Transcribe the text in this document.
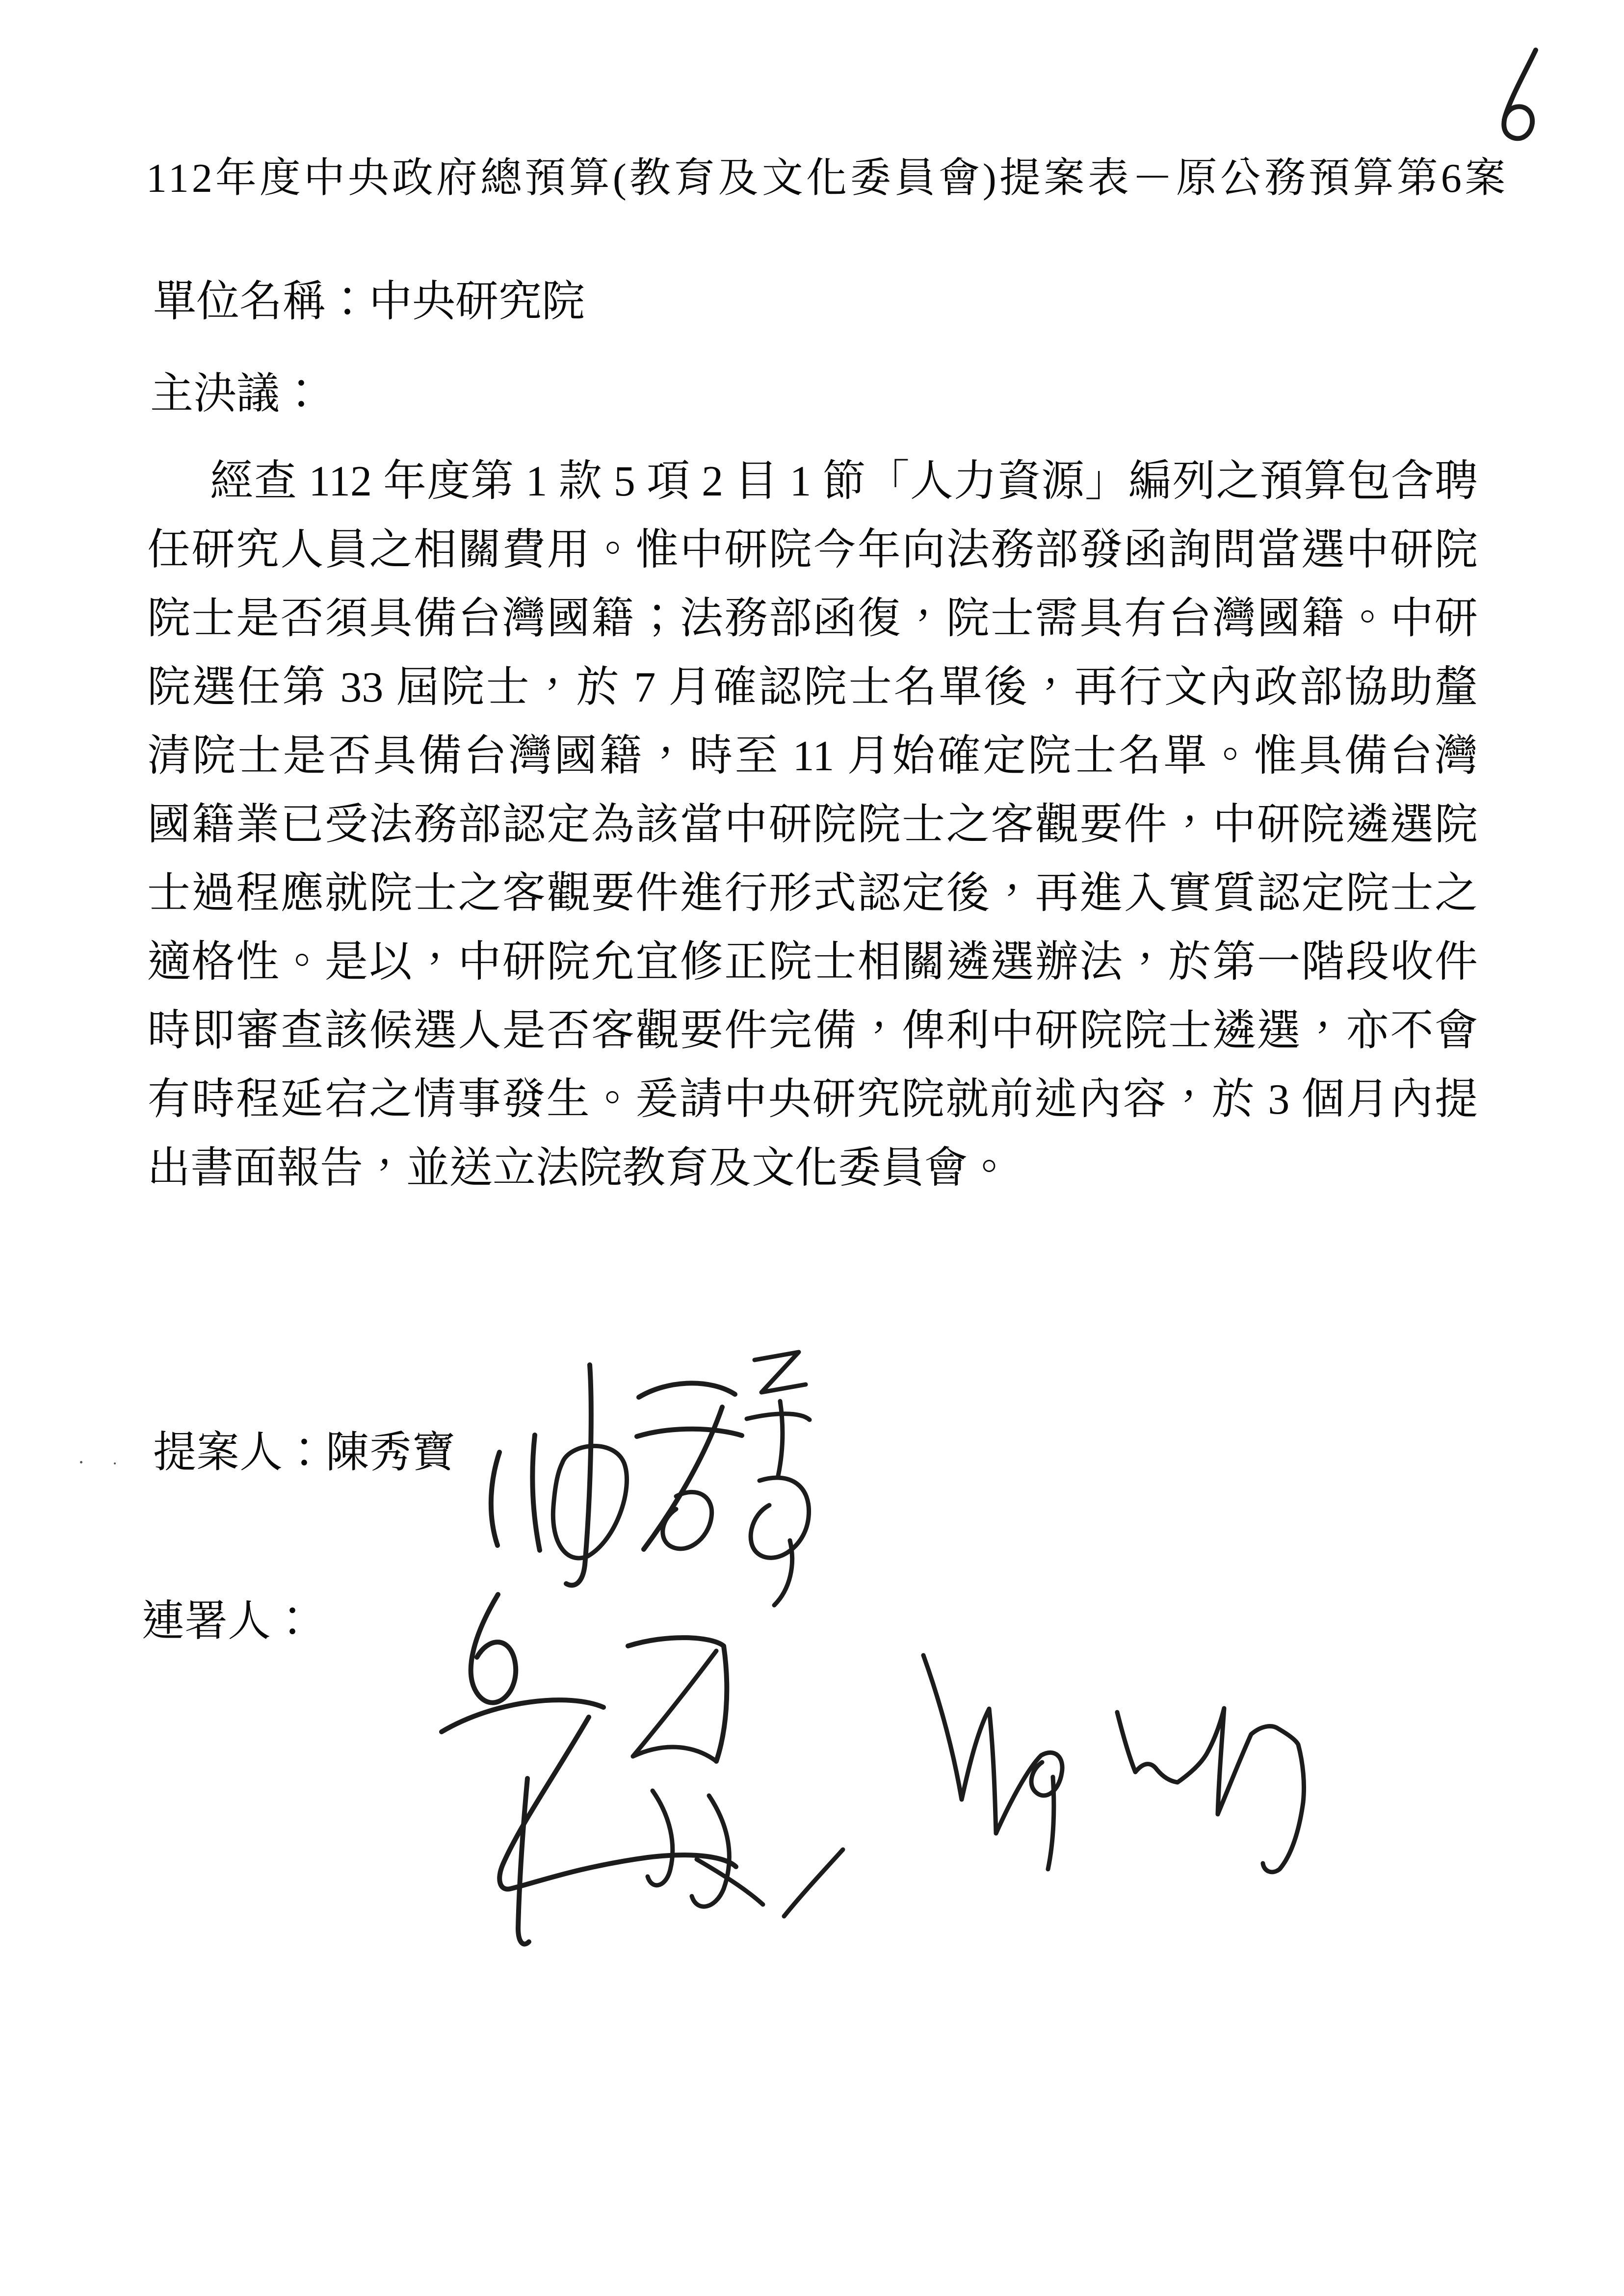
112年度中央政府總預算(教育及文化委員會)提案表－原公務預算第6案
單位名稱：中央研究院
主決議：
經查 112 年度第 1 款 5 項 2 目 1 節「人力資源」編列之預算包含聘
任研究人員之相關費用。惟中研院今年向法務部發函詢問當選中研院
院士是否須具備台灣國籍；法務部函復，院士需具有台灣國籍。中研
院選任第 33 屆院士，於 7 月確認院士名單後，再行文內政部協助釐
清院士是否具備台灣國籍，時至 11 月始確定院士名單。惟具備台灣
國籍業已受法務部認定為該當中研院院士之客觀要件，中研院遴選院
士過程應就院士之客觀要件進行形式認定後，再進入實質認定院士之
適格性。是以，中研院允宜修正院士相關遴選辦法，於第一階段收件
時即審查該候選人是否客觀要件完備，俾利中研院院士遴選，亦不會
有時程延宕之情事發生。爰請中央研究院就前述內容，於 3 個月內提
出書面報告，並送立法院教育及文化委員會。
提案人：陳秀寶
連署人：
